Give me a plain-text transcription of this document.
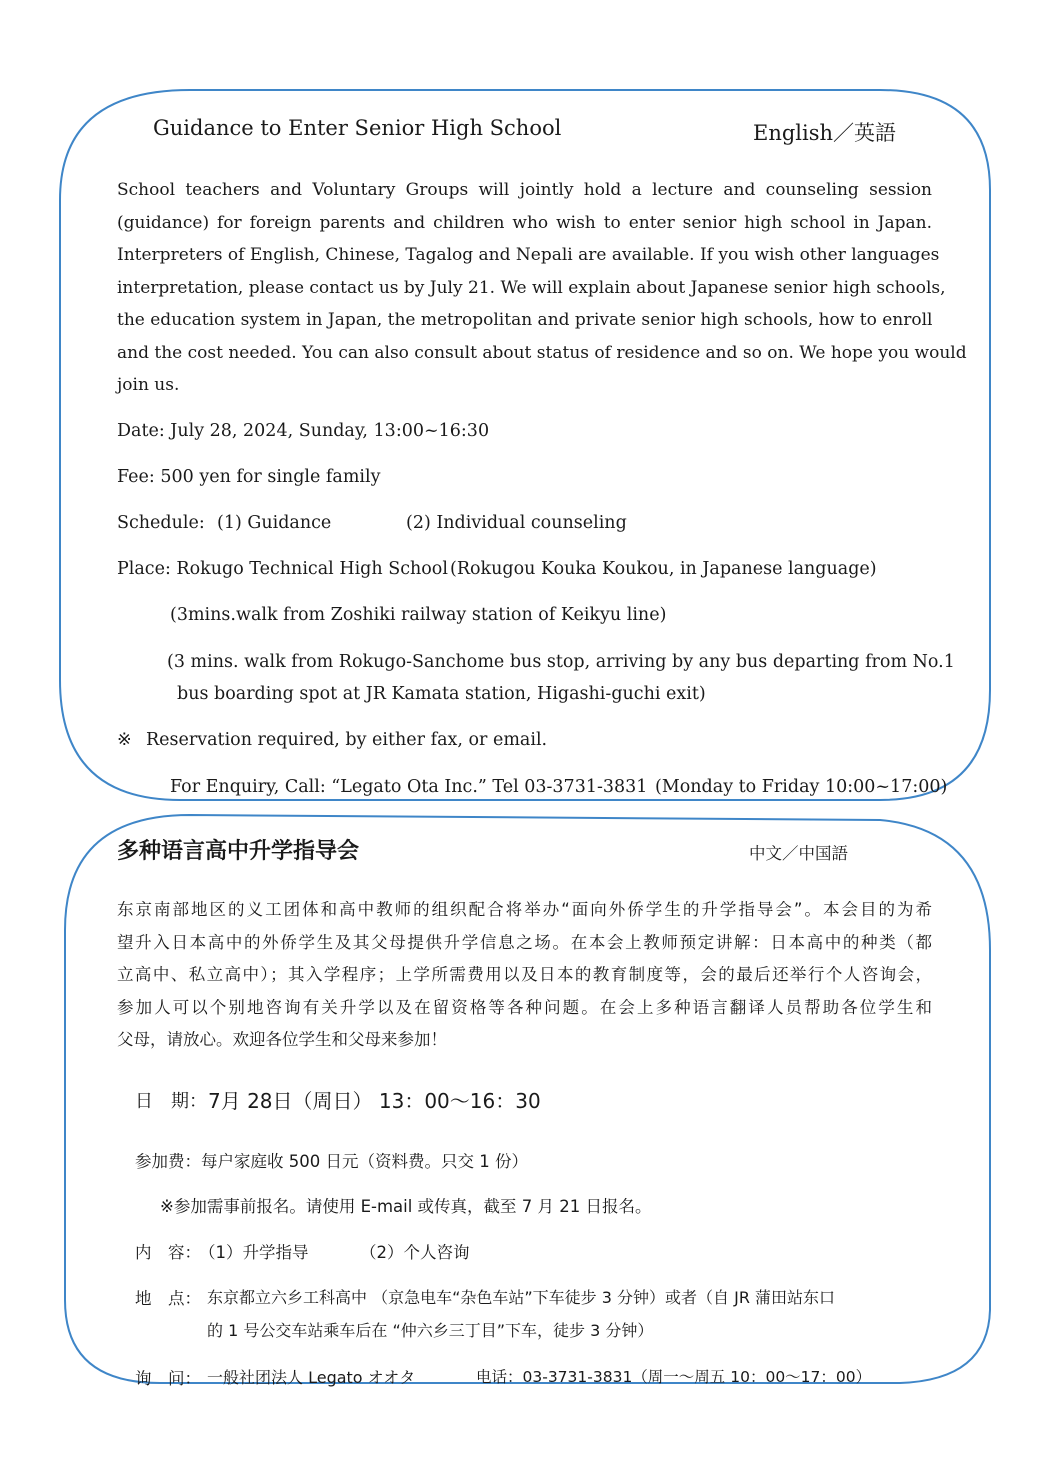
Guidance to Enter Senior High School	English／英語
School teachers and Voluntary Groups will jointly hold a lecture and counseling session
(guidance) for foreign parents and children who wish to enter senior high school in Japan.
Interpreters of English, Chinese, Tagalog and Nepali are available. If you wish other languages
interpretation, please contact us by July 21. We will explain about Japanese senior high schools,
the education system in Japan, the metropolitan and private senior high schools, how to enroll
and the cost needed. You can also consult about status of residence and so on. We hope you would
join us.
Date: July 28, 2024, Sunday, 13:00~16:30
Fee: 500 yen for single family
Schedule: (1) Guidance	(2) Individual counseling
Place: Rokugo Technical High School (Rokugou Kouka Koukou, in Japanese language)
(3mins.walk from Zoshiki railway station of Keikyu line)
(3 mins. walk from Rokugo-Sanchome bus stop, arriving by any bus departing from No.1
bus boarding spot at JR Kamata station, Higashi-guchi exit)
※ Reservation required, by either fax, or email.
For Enquiry, Call: “Legato Ota Inc.” Tel 03-3731-3831 (Monday to Friday 10:00~17:00)
多种语言高中升学指导会	中文／中国語
东京南部地区的义工团体和高中教师的组织配合将举办“面向外侨学生的升学指导会”。本会目的为希
望升入日本高中的外侨学生及其父母提供升学信息之场。在本会上教师预定讲解：日本高中的种类（都
立高中、私立高中）；其入学程序；上学所需费用以及日本的教育制度等，会的最后还举行个人咨询会，
参加人可以个别地咨询有关升学以及在留资格等各种问题。在会上多种语言翻译人员帮助各位学生和
父母，请放心。欢迎各位学生和父母来参加！
日　期： 7月 28日（周日） 13：00～16：30
参加费：每户家庭收 500 日元（资料费。只交 1 份）
※参加需事前报名。请使用 E-mail 或传真，截至 7 月 21 日报名。
内　容：
（1）升学指导	（2）个人咨询
地　点： 东京都立六乡工科高中 （京急电车“杂色车站”下车徒步 3 分钟）或者（自 JR 蒲田站东口
的 1 号公交车站乘车后在 “仲六乡三丁目”下车，徒步 3 分钟）
询　问： 一般社团法人 Legato オオタ	电话：03-3731-3831（周一～周五 10：00～17：00）
